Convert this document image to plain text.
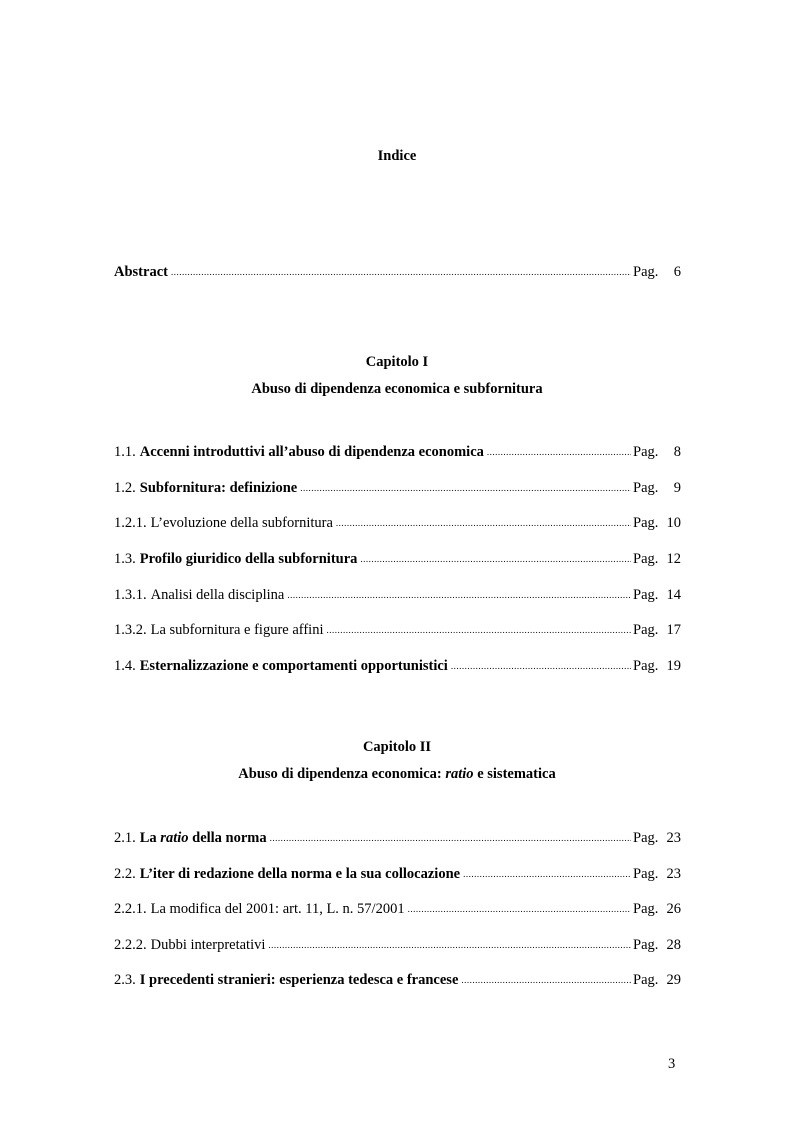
Indice
Abstract .....	Pag. 6
Capitolo I
Abuso di dipendenza economica e subfornitura
1.1. Accenni introduttivi all’abuso di dipendenza economica .....	Pag. 8
1.2. Subfornitura: definizione .....	Pag. 9
1.2.1. L’evoluzione della subfornitura .....	Pag. 10
1.3. Profilo giuridico della subfornitura .....	Pag. 12
1.3.1. Analisi della disciplina .....	Pag. 14
1.3.2. La subfornitura e figure affini .....	Pag. 17
1.4. Esternalizzazione e comportamenti opportunistici .....	Pag. 19
Capitolo II
Abuso di dipendenza economica: ratio e sistematica
2.1. La ratio della norma .....	Pag. 23
2.2. L’iter di redazione della norma e la sua collocazione .....	Pag. 23
2.2.1. La modifica del 2001: art. 11, L. n. 57/2001 .....	Pag. 26
2.2.2. Dubbi interpretativi .....	Pag. 28
2.3. I precedenti stranieri: esperienza tedesca e francese .....	Pag. 29
3
